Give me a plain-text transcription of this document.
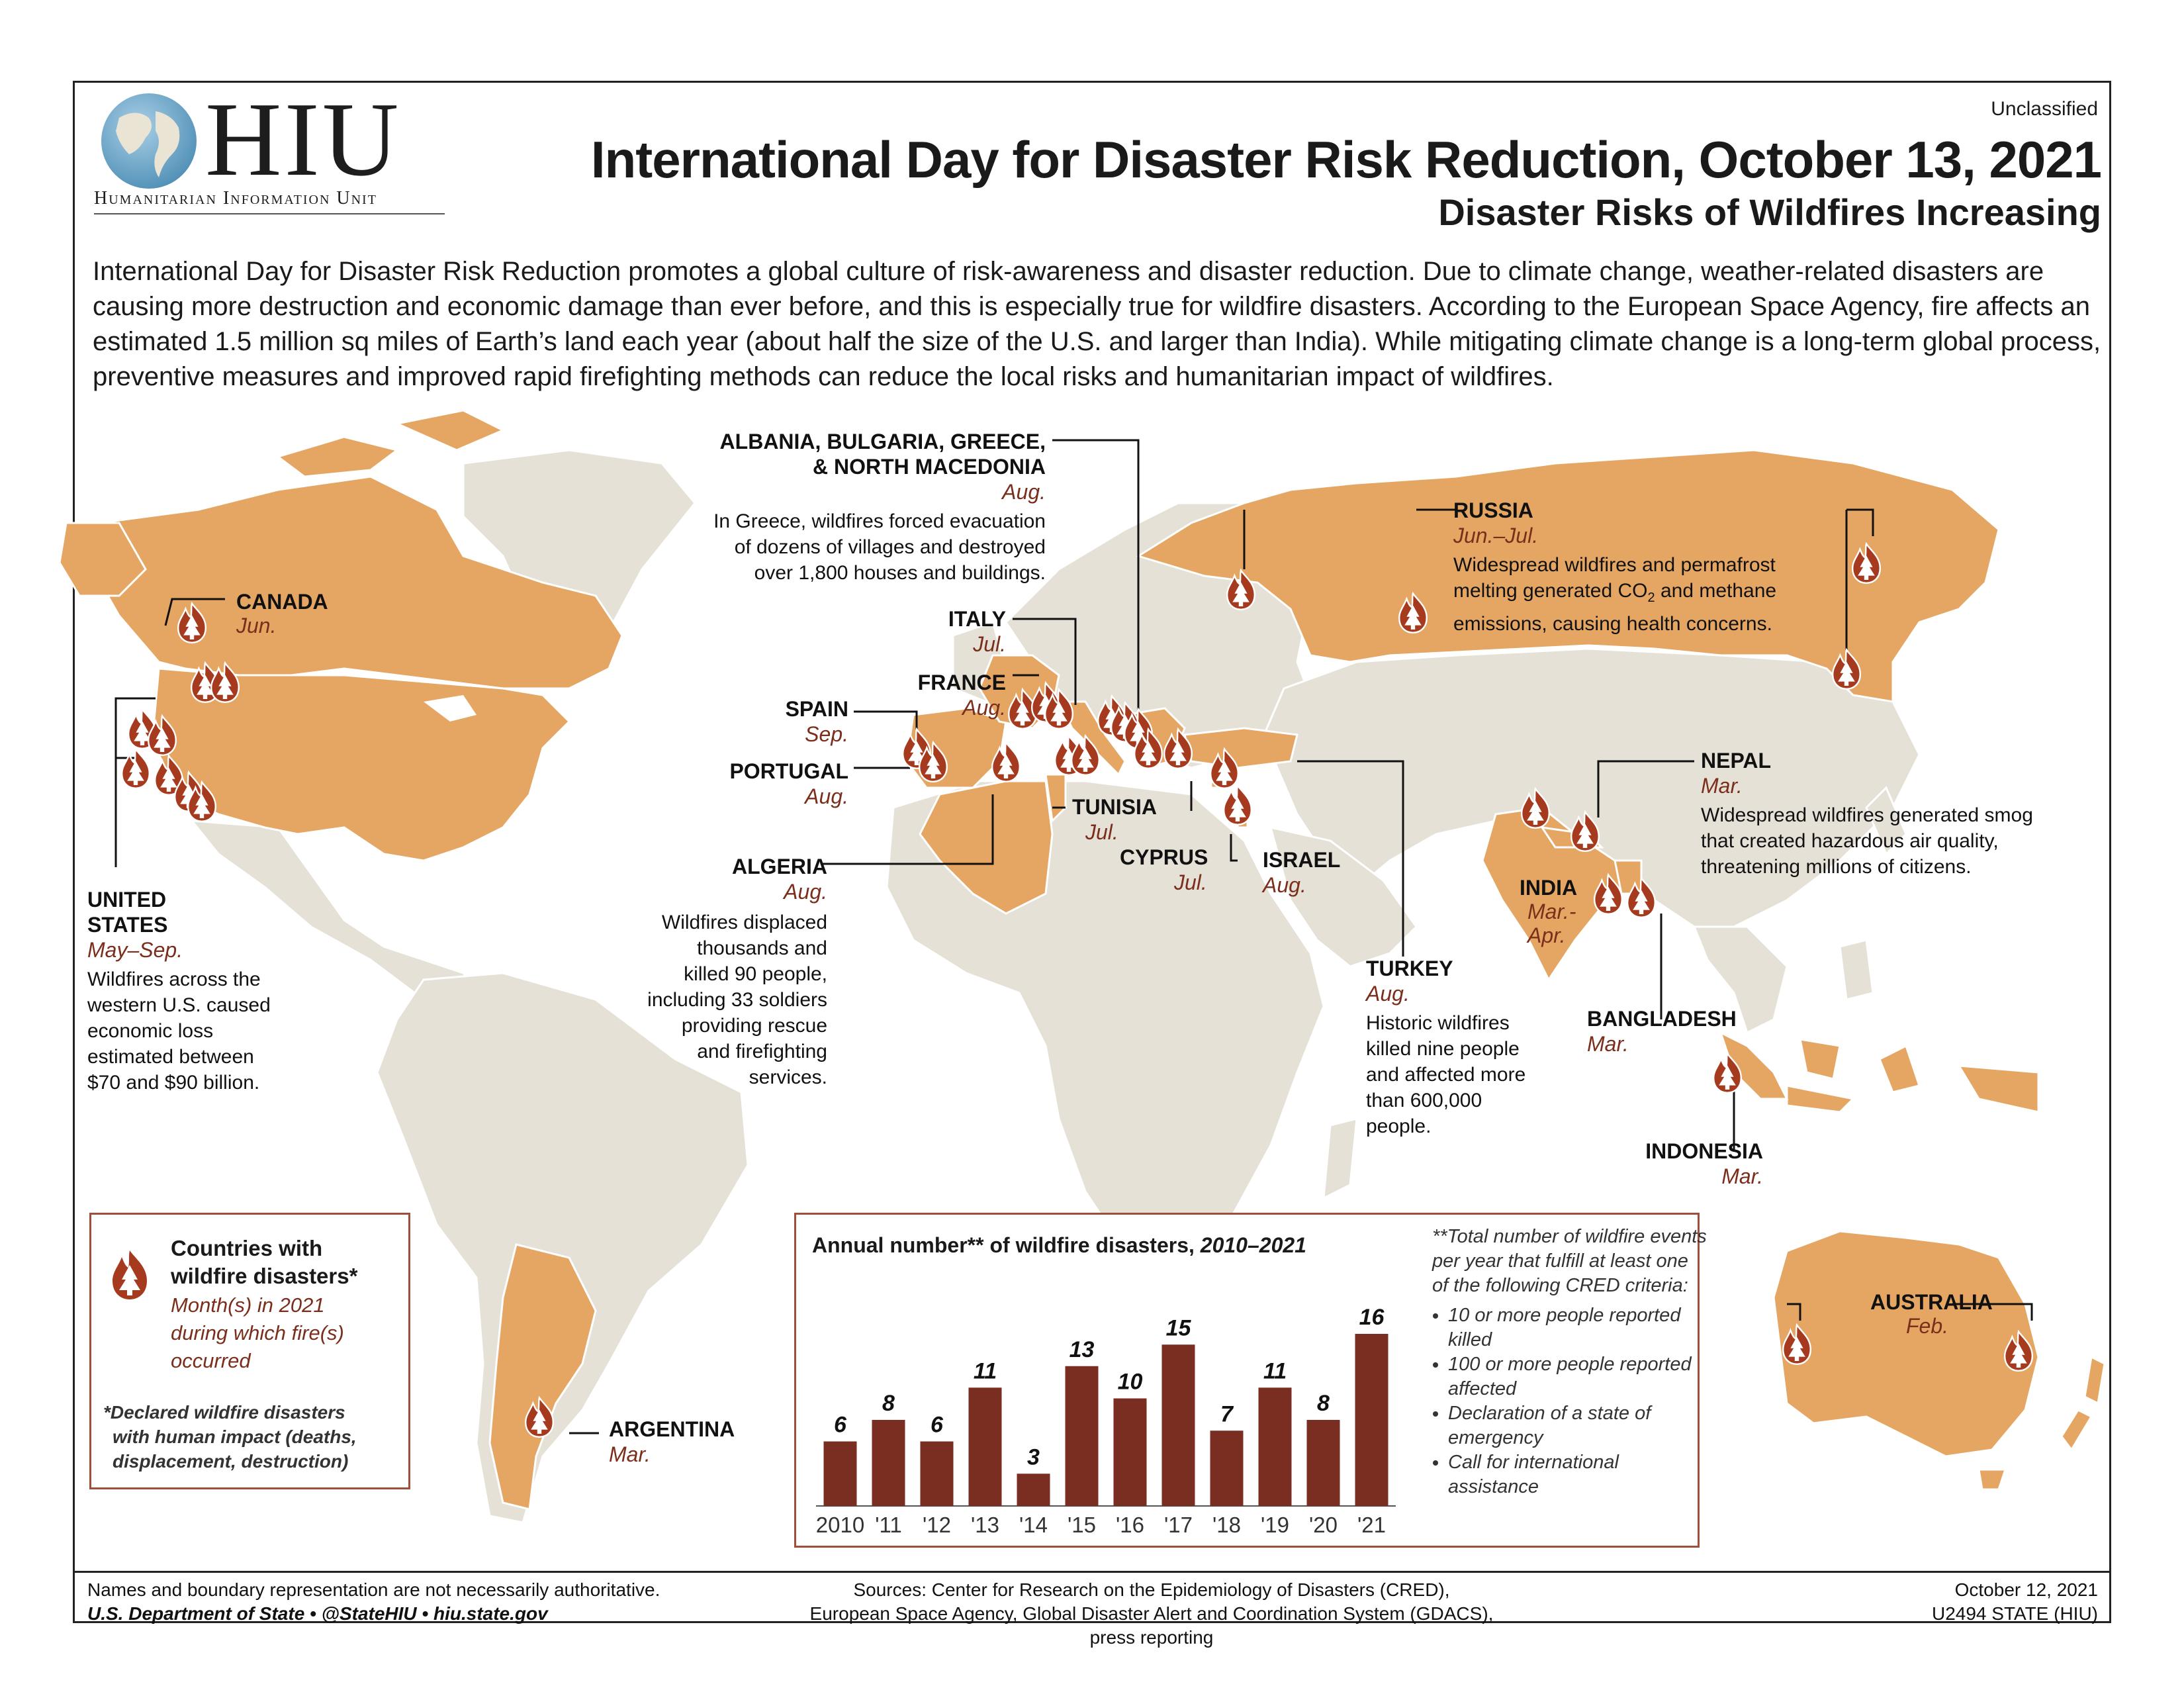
HIU
Humanitarian Information Unit
Unclassified
International Day for Disaster Risk Reduction, October 13, 2021
Disaster Risks of Wildfires Increasing
International Day for Disaster Risk Reduction promotes a global culture of risk-awareness and disaster reduction. Due to climate change, weather-related disasters are causing more destruction and economic damage than ever before, and this is especially true for wildfire disasters. According to the European Space Agency, fire affects an estimated 1.5 million sq miles of Earth’s land each year (about half the size of the U.S. and larger than India). While mitigating climate change is a long-term global process, preventive measures and improved rapid firefighting methods can reduce the local risks and humanitarian impact of wildfires.
CANADA
Jun.
UNITED
STATES
May–Sep.
Wildfires across the
western U.S. caused
economic loss
estimated between
$70 and $90 billion.
ARGENTINA
Mar.
ALBANIA, BULGARIA, GREECE,
& NORTH MACEDONIA
Aug.
In Greece, wildfires forced evacuation
of dozens of villages and destroyed
over 1,800 houses and buildings.
ITALY
Jul.
FRANCE
Aug.
SPAIN
Sep.
PORTUGAL
Aug.	TUNISIA
Jul.
ALGERIA
Aug.
Wildfires displaced
thousands and
killed 90 people,
including 33 soldiers
providing rescue
and firefighting
services.
CYPRUS
Jul.
ISRAEL
Aug.
TURKEY
Aug.
Historic wildfires
killed nine people
and affected more
than 600,000
people.
RUSSIA
Jun.–Jul.
Widespread wildfires and permafrost
melting generated $CO_2$ and methane
emissions, causing health concerns.
NEPAL
Mar.
Widespread wildfires generated smog
that created hazardous air quality,
threatening millions of citizens.
INDIA
Mar.-
Apr.
BANGLADESH
Mar.
INDONESIA
Mar.
AUSTRALIA
Feb.
Countries with
wildfire disasters*
Month(s) in 2021
during which fire(s)
occurred
*Declared wildfire disasters
with human impact (deaths,
displacement, destruction)
Annual number** of wildfire disasters, 2010–2021
6
2010
8
'11
6
'12
11
'13
3
'14
13
'15
10
'16
15
'17
7
'18
11
'19
8
'20
16
'21
**Total number of wildfire events per year that fulfill at least one of the following CRED criteria:
• 10 or more people reported killed
• 100 or more people reported affected
• Declaration of a state of emergency
• Call for international assistance
Names and boundary representation are not necessarily authoritative.
U.S. Department of State • @StateHIU • hiu.state.gov
Sources: Center for Research on the Epidemiology of Disasters (CRED),
European Space Agency, Global Disaster Alert and Coordination System (GDACS), press reporting
October 12, 2021
U2494 STATE (HIU)
